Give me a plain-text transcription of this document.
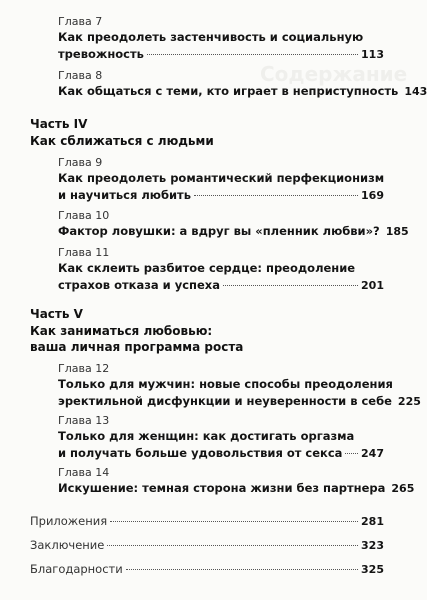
Содержание
Глава 7
Как преодолеть застенчивость и социальную
тревожность	113
Глава 8
Как общаться с теми, кто играет в неприступность 143
Часть IV
Как сближаться с людьми
Глава 9
Как преодолеть романтический перфекционизм
и научиться любить	169
Глава 10
Фактор ловушки: а вдруг вы «пленник любви»? 185
Глава 11
Как склеить разбитое сердце: преодоление
страхов отказа и успеха	201
Часть V
Как заниматься любовью:
ваша личная программа роста
Глава 12
Только для мужчин: новые способы преодоления
эректильной дисфункции и неуверенности в себе 225
Глава 13
Только для женщин: как достигать оргазма
и получать больше удовольствия от секса 247
Глава 14
Искушение: темная сторона жизни без партнера 265
Приложения	281
Заключение	323
Благодарности	325
